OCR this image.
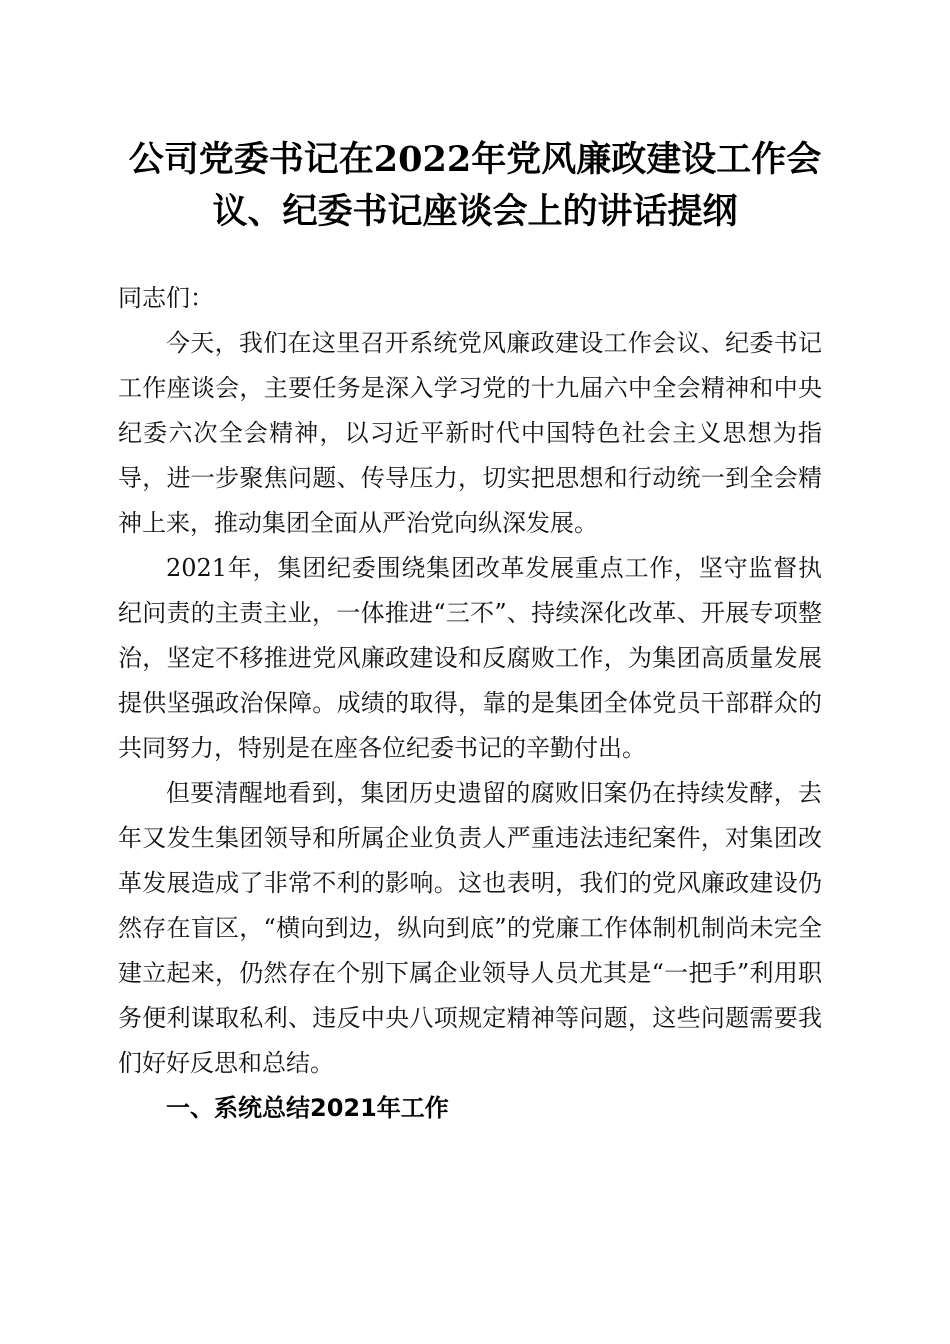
公司党委书记在2022年党风廉政建设工作会议、纪委书记座谈会上的讲话提纲

同志们：

今天，我们在这里召开系统党风廉政建设工作会议、纪委书记工作座谈会，主要任务是深入学习党的十九届六中全会精神和中央纪委六次全会精神，以习近平新时代中国特色社会主义思想为指导，进一步聚焦问题、传导压力，切实把思想和行动统一到全会精神上来，推动集团全面从严治党向纵深发展。

2021年，集团纪委围绕集团改革发展重点工作，坚守监督执纪问责的主责主业，一体推进“三不”、持续深化改革、开展专项整治，坚定不移推进党风廉政建设和反腐败工作，为集团高质量发展提供坚强政治保障。成绩的取得，靠的是集团全体党员干部群众的共同努力，特别是在座各位纪委书记的辛勤付出。

但要清醒地看到，集团历史遗留的腐败旧案仍在持续发酵，去年又发生集团领导和所属企业负责人严重违法违纪案件，对集团改革发展造成了非常不利的影响。这也表明，我们的党风廉政建设仍然存在盲区，“横向到边，纵向到底”的党廉工作体制机制尚未完全建立起来，仍然存在个别下属企业领导人员尤其是“一把手”利用职务便利谋取私利、违反中央八项规定精神等问题，这些问题需要我们好好反思和总结。

一、系统总结2021年工作
